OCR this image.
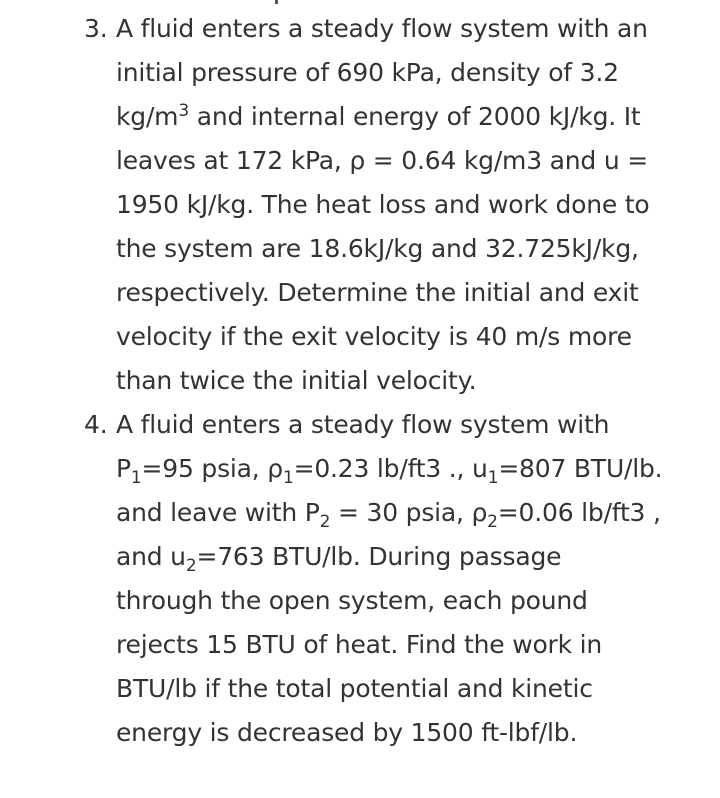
3. A fluid enters a steady flow system with an
initial pressure of 690 kPa, density of 3.2
$kg/m^3$ and internal energy of 2000 kJ/kg. It
leaves at 172 kPa, ρ = 0.64 kg/m3 and u =
1950 kJ/kg. The heat loss and work done to
the system are 18.6kJ/kg and 32.725kJ/kg,
respectively. Determine the initial and exit
velocity if the exit velocity is 40 m/s more
than twice the initial velocity.
4. A fluid enters a steady flow system with
$P_1=95$ psia, $\rho_1=0.23$ lb/ft3 ., $u_1=807$ BTU/lb.
and leave with $P_2 = 30$ psia, $\rho_2=0.06$ lb/ft3 ,
and $u_2=763$ BTU/lb. During passage
through the open system, each pound
rejects 15 BTU of heat. Find the work in
BTU/lb if the total potential and kinetic
energy is decreased by 1500 ft-lbf/lb.
